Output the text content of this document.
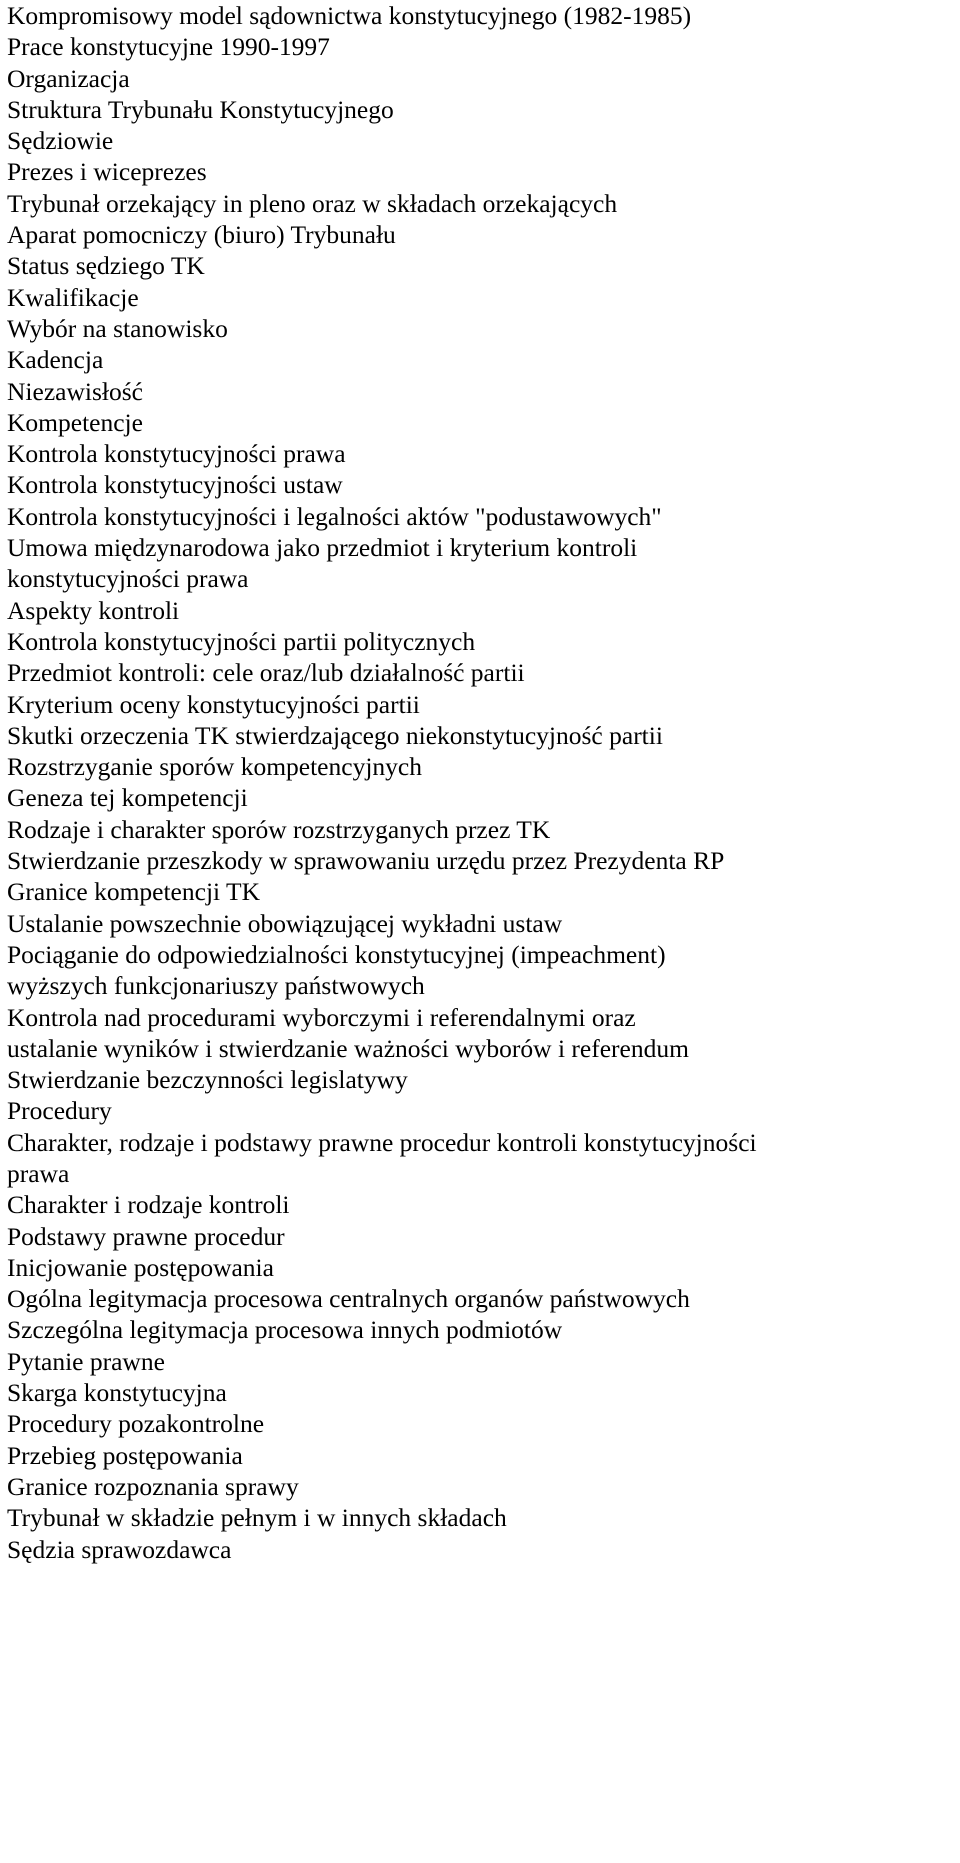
Kompromisowy model sądownictwa konstytucyjnego (1982-1985)
Prace konstytucyjne 1990-1997
Organizacja
Struktura Trybunału Konstytucyjnego
Sędziowie
Prezes i wiceprezes
Trybunał orzekający in pleno oraz w składach orzekających
Aparat pomocniczy (biuro) Trybunału
Status sędziego TK
Kwalifikacje
Wybór na stanowisko
Kadencja
Niezawisłość
Kompetencje
Kontrola konstytucyjności prawa
Kontrola konstytucyjności ustaw
Kontrola konstytucyjności i legalności aktów "podustawowych"
Umowa międzynarodowa jako przedmiot i kryterium kontroli
konstytucyjności prawa
Aspekty kontroli
Kontrola konstytucyjności partii politycznych
Przedmiot kontroli: cele oraz/lub działalność partii
Kryterium oceny konstytucyjności partii
Skutki orzeczenia TK stwierdzającego niekonstytucyjność partii
Rozstrzyganie sporów kompetencyjnych
Geneza tej kompetencji
Rodzaje i charakter sporów rozstrzyganych przez TK
Stwierdzanie przeszkody w sprawowaniu urzędu przez Prezydenta RP
Granice kompetencji TK
Ustalanie powszechnie obowiązującej wykładni ustaw
Pociąganie do odpowiedzialności konstytucyjnej (impeachment)
wyższych funkcjonariuszy państwowych
Kontrola nad procedurami wyborczymi i referendalnymi oraz
ustalanie wyników i stwierdzanie ważności wyborów i referendum
Stwierdzanie bezczynności legislatywy
Procedury
Charakter, rodzaje i podstawy prawne procedur kontroli konstytucyjności
prawa
Charakter i rodzaje kontroli
Podstawy prawne procedur
Inicjowanie postępowania
Ogólna legitymacja procesowa centralnych organów państwowych
Szczególna legitymacja procesowa innych podmiotów
Pytanie prawne
Skarga konstytucyjna
Procedury pozakontrolne
Przebieg postępowania
Granice rozpoznania sprawy
Trybunał w składzie pełnym i w innych składach
Sędzia sprawozdawca
